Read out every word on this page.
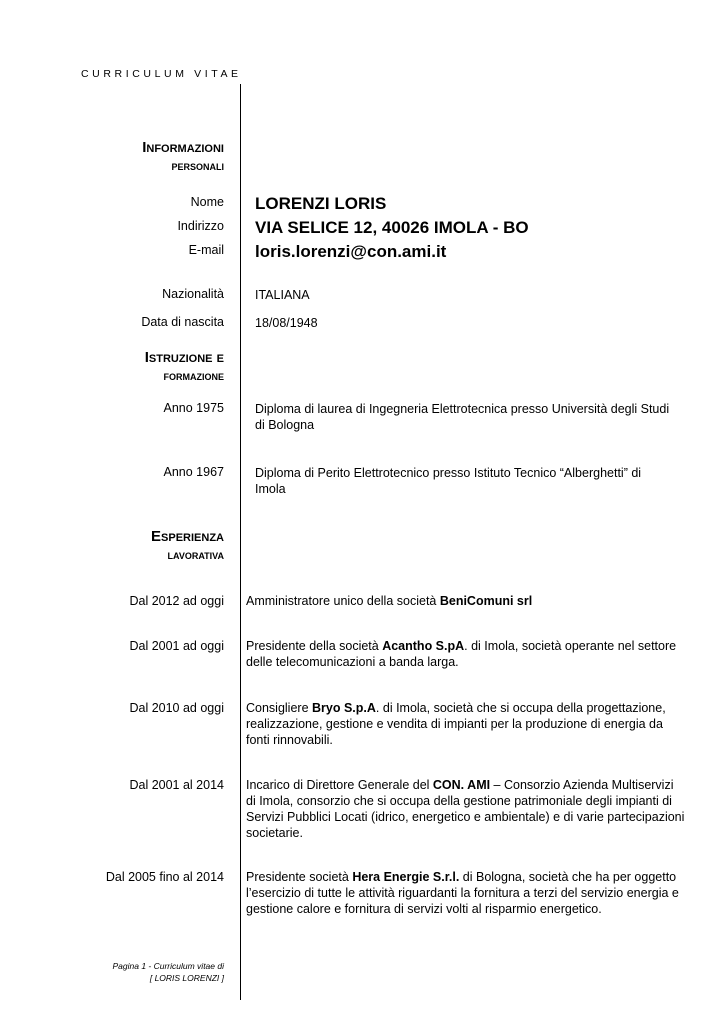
CURRICULUM VITAE
Informazioni
personali
Nome LORENZI LORIS
Indirizzo VIA SELICE 12, 40026 IMOLA - BO
E-mail loris.lorenzi@con.ami.it
Nazionalità ITALIANA
Data di nascita 18/08/1948
Istruzione e
formazione
Anno 1975 Diploma di laurea di Ingegneria Elettrotecnica presso Università degli Studi di Bologna
Anno 1967 Diploma di Perito Elettrotecnico presso Istituto Tecnico “Alberghetti” di Imola
Esperienza
lavorativa
Dal 2012 ad oggi Amministratore unico della società BeniComuni srl
Dal 2001 ad oggi Presidente della società Acantho S.pA. di Imola, società operante nel settore delle telecomunicazioni a banda larga.
Dal 2010 ad oggi Consigliere Bryo S.p.A. di Imola, società che si occupa della progettazione, realizzazione, gestione e vendita di impianti per la produzione di energia da fonti rinnovabili.
Dal 2001 al 2014 Incarico di Direttore Generale del CON. AMI – Consorzio Azienda Multiservizi di Imola, consorzio che si occupa della gestione patrimoniale degli impianti di Servizi Pubblici Locati (idrico, energetico e ambientale) e di varie partecipazioni societarie.
Dal 2005 fino al 2014 Presidente società Hera Energie S.r.l. di Bologna, società che ha per oggetto l’esercizio di tutte le attività riguardanti la fornitura a terzi del servizio energia e gestione calore e fornitura di servizi volti al risparmio energetico.
Pagina 1 - Curriculum vitae di
[ LORIS LORENZI ]
